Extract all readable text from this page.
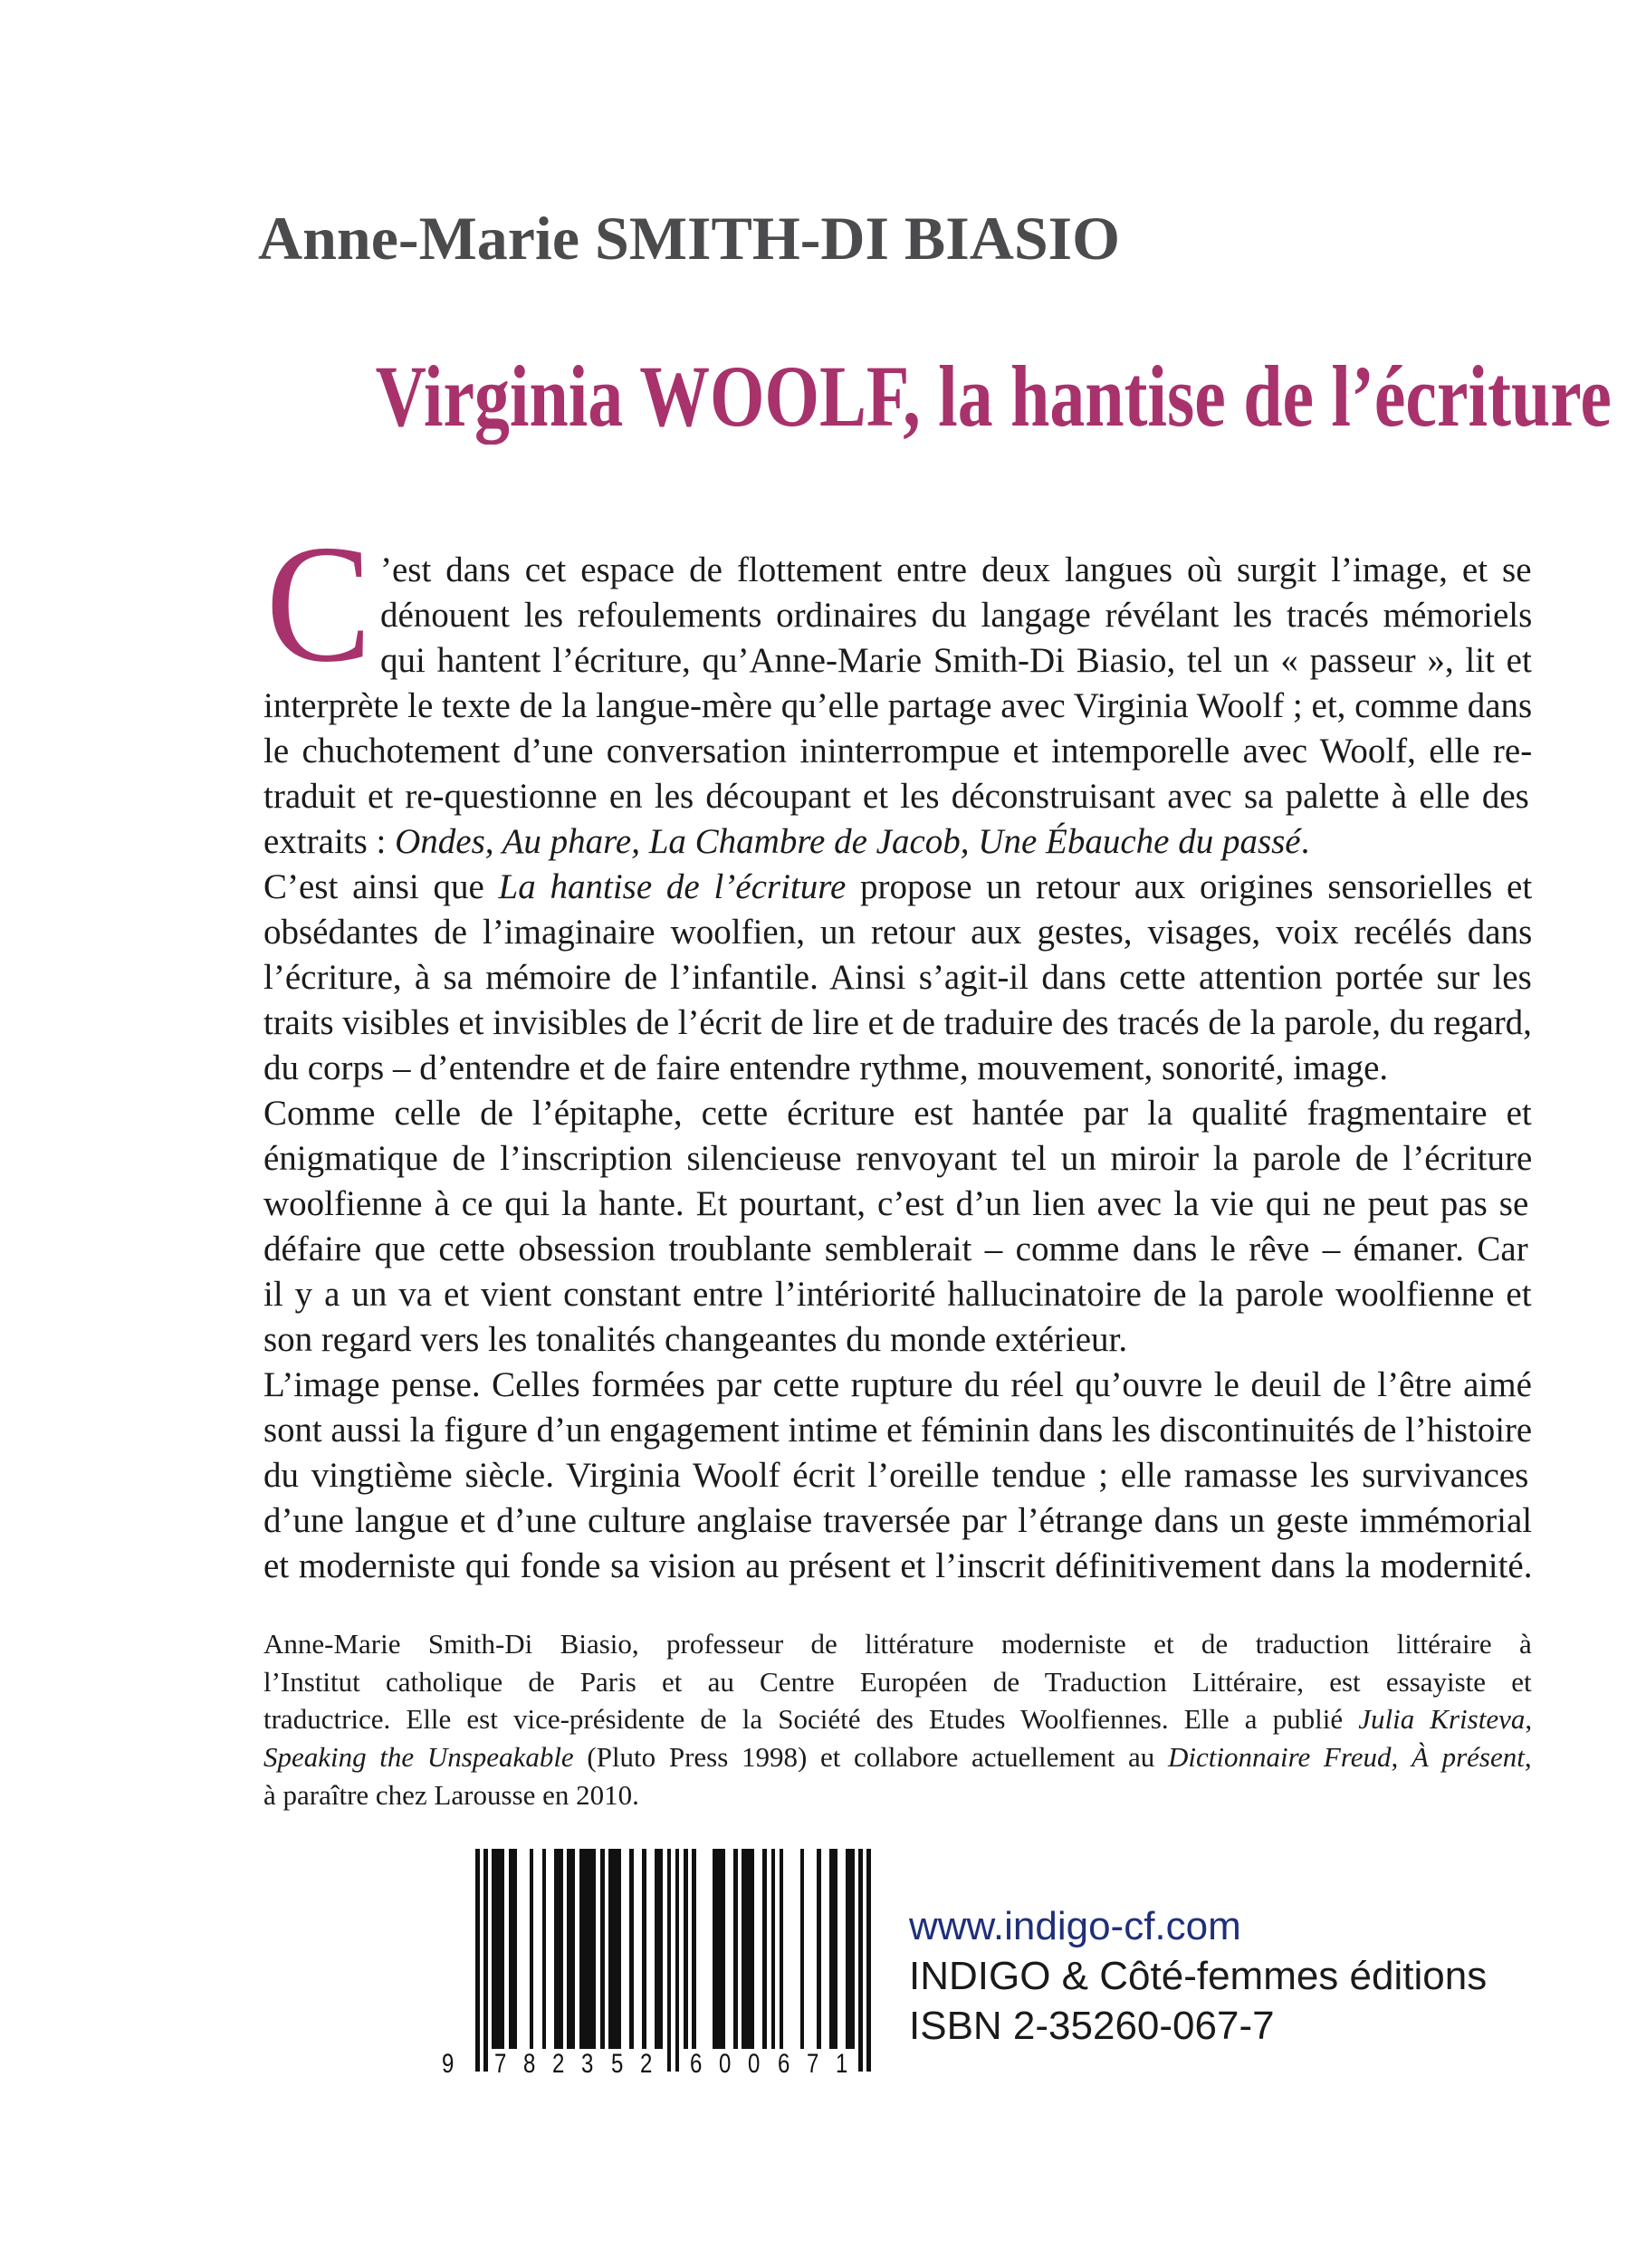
Anne-Marie SMITH-DI BIASIO
Virginia WOOLF, la hantise de l’écriture
C ’est dans cet espace de flottement entre deux langues où surgit l’image, et se
dénouent les refoulements ordinaires du langage révélant les tracés mémoriels
qui hantent l’écriture, qu’Anne-Marie Smith-Di Biasio, tel un « passeur », lit et
interprète le texte de la langue-mère qu’elle partage avec Virginia Woolf ; et, comme dans
le chuchotement d’une conversation ininterrompue et intemporelle avec Woolf, elle re-
traduit et re-questionne en les découpant et les déconstruisant avec sa palette à elle des
extraits : Ondes, Au phare, La Chambre de Jacob, Une Ébauche du passé.
C’est ainsi que La hantise de l’écriture propose un retour aux origines sensorielles et
obsédantes de l’imaginaire woolfien, un retour aux gestes, visages, voix recélés dans
l’écriture, à sa mémoire de l’infantile. Ainsi s’agit-il dans cette attention portée sur les
traits visibles et invisibles de l’écrit de lire et de traduire des tracés de la parole, du regard,
du corps – d’entendre et de faire entendre rythme, mouvement, sonorité, image.
Comme celle de l’épitaphe, cette écriture est hantée par la qualité fragmentaire et
énigmatique de l’inscription silencieuse renvoyant tel un miroir la parole de l’écriture
woolfienne à ce qui la hante. Et pourtant, c’est d’un lien avec la vie qui ne peut pas se
défaire que cette obsession troublante semblerait – comme dans le rêve – émaner. Car
il y a un va et vient constant entre l’intériorité hallucinatoire de la parole woolfienne et
son regard vers les tonalités changeantes du monde extérieur.
L’image pense. Celles formées par cette rupture du réel qu’ouvre le deuil de l’être aimé
sont aussi la figure d’un engagement intime et féminin dans les discontinuités de l’histoire
du vingtième siècle. Virginia Woolf écrit l’oreille tendue ; elle ramasse les survivances
d’une langue et d’une culture anglaise traversée par l’étrange dans un geste immémorial
et moderniste qui fonde sa vision au présent et l’inscrit définitivement dans la modernité.
Anne-Marie Smith-Di Biasio, professeur de littérature moderniste et de traduction littéraire à
l’Institut catholique de Paris et au Centre Européen de Traduction Littéraire, est essayiste et
traductrice. Elle est vice-présidente de la Société des Etudes Woolfiennes. Elle a publié Julia Kristeva,
Speaking the Unspeakable (Pluto Press 1998) et collabore actuellement au Dictionnaire Freud, À présent,
à paraître chez Larousse en 2010.
9 7 8 2 3 5 2 6 0 0 6 7 1
www.indigo-cf.com
INDIGO & Côté-femmes éditions
ISBN 2-35260-067-7
